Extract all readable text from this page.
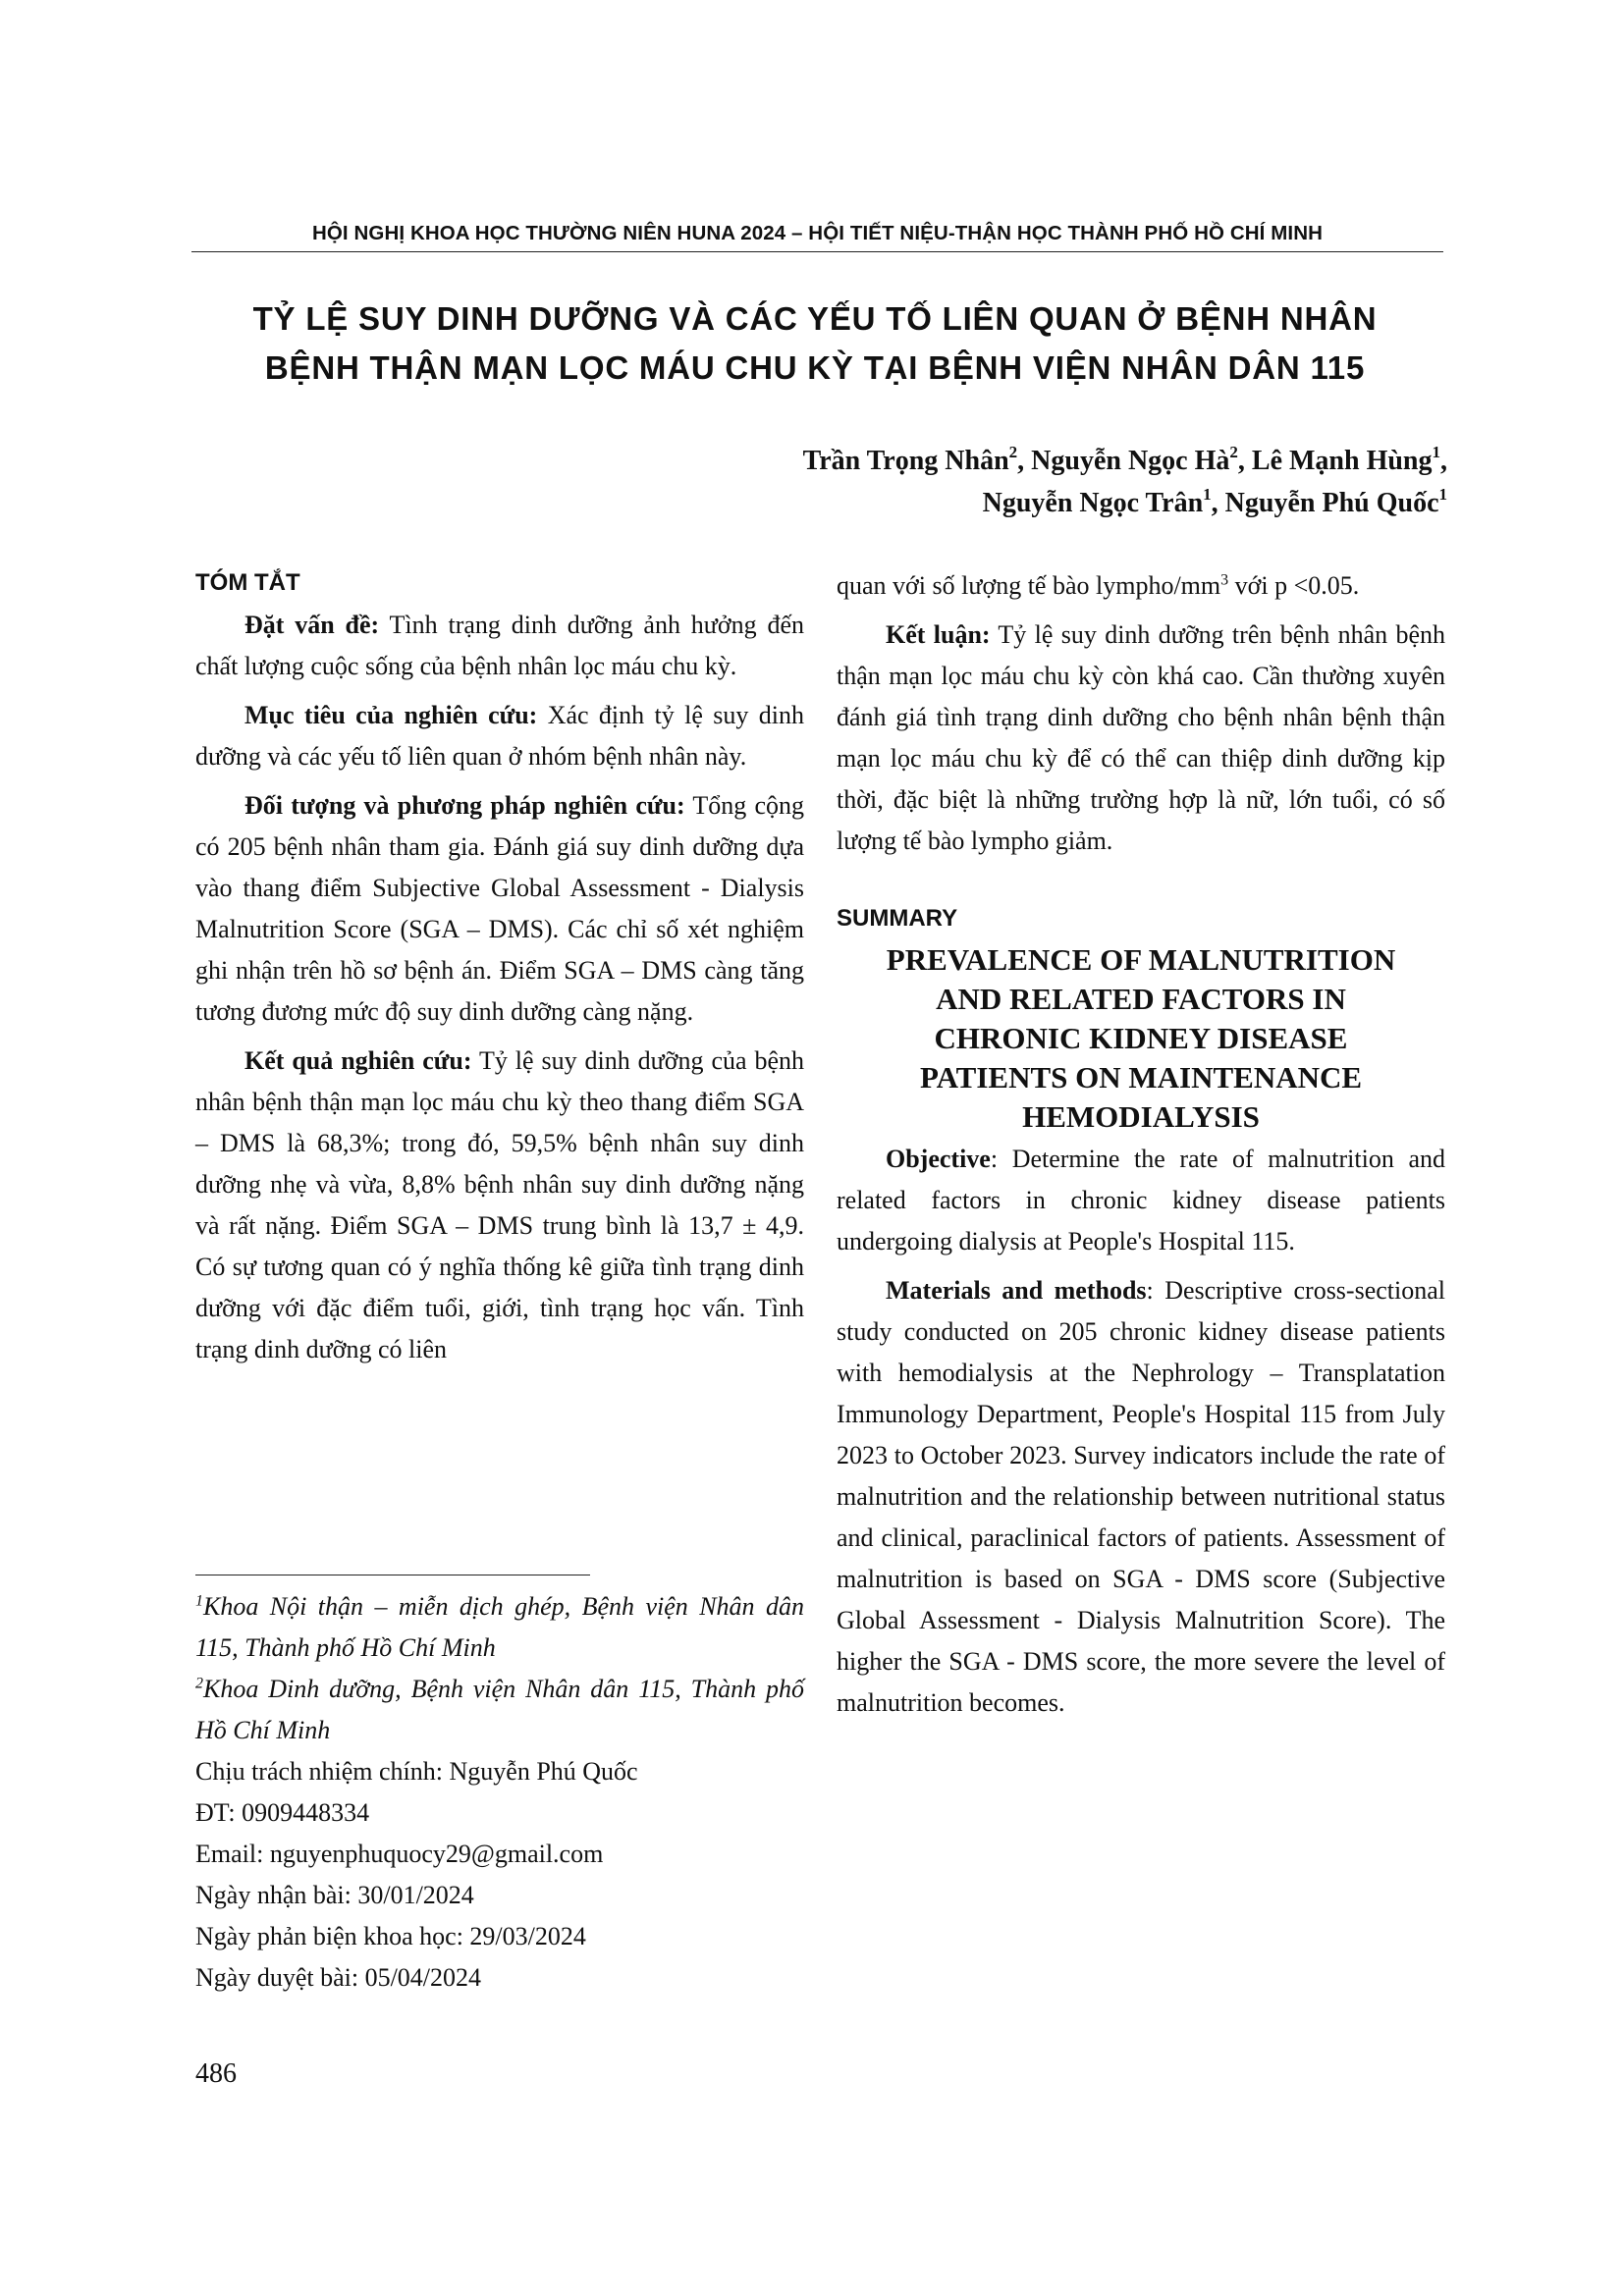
HỘI NGHỊ KHOA HỌC THƯỜNG NIÊN HUNA 2024 – HỘI TIẾT NIỆU-THẬN HỌC THÀNH PHỐ HỒ CHÍ MINH
TỶ LỆ SUY DINH DƯỠNG VÀ CÁC YẾU TỐ LIÊN QUAN Ở BỆNH NHÂN
BỆNH THẬN MẠN LỌC MÁU CHU KỲ TẠI BỆNH VIỆN NHÂN DÂN 115
Trần Trọng Nhân$^2$, Nguyễn Ngọc $Hà^2$, Lê Mạnh Hùng$^1$,
Nguyễn Ngọc Trân$^1$, Nguyễn Phú Quốc$^1$
TÓM TẮT

Đặt vấn đề: Tình trạng dinh dưỡng ảnh hưởng đến chất lượng cuộc sống của bệnh nhân lọc máu chu kỳ.

Mục tiêu của nghiên cứu: Xác định tỷ lệ suy dinh dưỡng và các yếu tố liên quan ở nhóm bệnh nhân này.

Đối tượng và phương pháp nghiên cứu: Tổng cộng có 205 bệnh nhân tham gia. Đánh giá suy dinh dưỡng dựa vào thang điểm Subjective Global Assessment - Dialysis Malnutrition Score (SGA – DMS). Các chỉ số xét nghiệm ghi nhận trên hồ sơ bệnh án. Điểm SGA – DMS càng tăng tương đương mức độ suy dinh dưỡng càng nặng.

Kết quả nghiên cứu: Tỷ lệ suy dinh dưỡng của bệnh nhân bệnh thận mạn lọc máu chu kỳ theo thang điểm SGA – DMS là 68,3%; trong đó, 59,5% bệnh nhân suy dinh dưỡng nhẹ và vừa, 8,8% bệnh nhân suy dinh dưỡng nặng và rất nặng. Điểm SGA – DMS trung bình là 13,7 ± 4,9. Có sự tương quan có ý nghĩa thống kê giữa tình trạng dinh dưỡng với đặc điểm tuổi, giới, tình trạng học vấn. Tình trạng dinh dưỡng có liên

$^1$Khoa Nội thận – miễn dịch ghép, Bệnh viện Nhân dân 115, Thành phố Hồ Chí Minh
$^2$Khoa Dinh dưỡng, Bệnh viện Nhân dân 115, Thành phố Hồ Chí Minh
Chịu trách nhiệm chính: Nguyễn Phú Quốc
ĐT: 0909448334
Email: nguyenphuquocy29@gmail.com
Ngày nhận bài: 30/01/2024
Ngày phản biện khoa học: 29/03/2024
Ngày duyệt bài: 05/04/2024

quan với số lượng tế bào lympho/$mm^3$ với p <0.05.

Kết luận: Tỷ lệ suy dinh dưỡng trên bệnh nhân bệnh thận mạn lọc máu chu kỳ còn khá cao. Cần thường xuyên đánh giá tình trạng dinh dưỡng cho bệnh nhân bệnh thận mạn lọc máu chu kỳ để có thể can thiệp dinh dưỡng kịp thời, đặc biệt là những trường hợp là nữ, lớn tuổi, có số lượng tế bào lympho giảm.

SUMMARY
PREVALENCE OF MALNUTRITION
AND RELATED FACTORS IN
CHRONIC KIDNEY DISEASE
PATIENTS ON MAINTENANCE
HEMODIALYSIS

Objective: Determine the rate of malnutrition and related factors in chronic kidney disease patients undergoing dialysis at People's Hospital 115.

Materials and methods: Descriptive cross-sectional study conducted on 205 chronic kidney disease patients with hemodialysis at the Nephrology – Transplatation Immunology Department, People's Hospital 115 from July 2023 to October 2023. Survey indicators include the rate of malnutrition and the relationship between nutritional status and clinical, paraclinical factors of patients. Assessment of malnutrition is based on SGA - DMS score (Subjective Global Assessment - Dialysis Malnutrition Score). The higher the SGA - DMS score, the more severe the level of malnutrition becomes.

486
